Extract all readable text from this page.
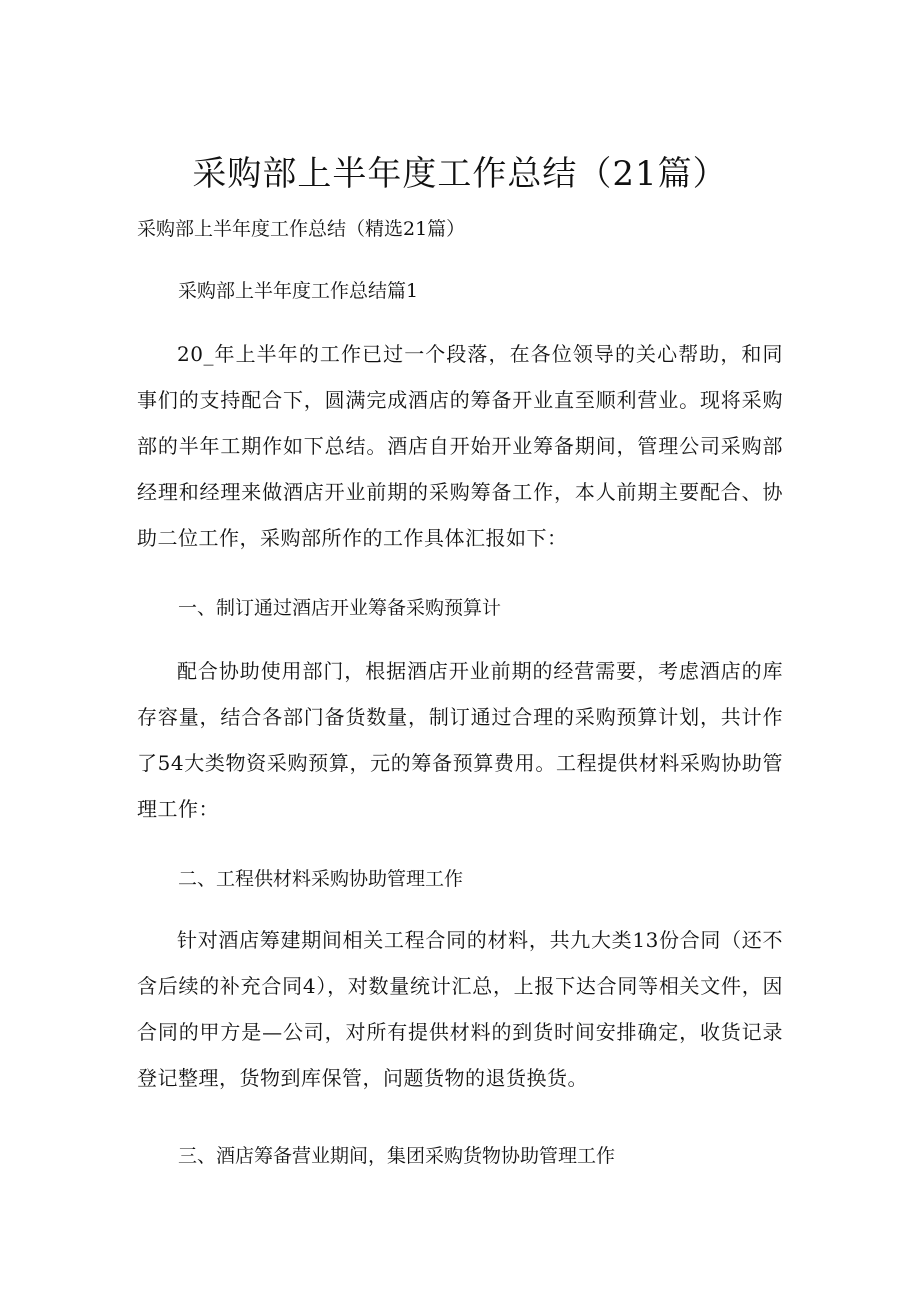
采购部上半年度工作总结（21篇）
采购部上半年度工作总结（精选21篇）
采购部上半年度工作总结篇1
20_年上半年的工作已过一个段落，在各位领导的关心帮助，和同事们的支持配合下，圆满完成酒店的筹备开业直至顺利营业。现将采购部的半年工期作如下总结。酒店自开始开业筹备期间，管理公司采购部经理和经理来做酒店开业前期的采购筹备工作，本人前期主要配合、协助二位工作，采购部所作的工作具体汇报如下：
一、制订通过酒店开业筹备采购预算计
配合协助使用部门，根据酒店开业前期的经营需要，考虑酒店的库存容量，结合各部门备货数量，制订通过合理的采购预算计划，共计作了54大类物资采购预算，元的筹备预算费用。工程提供材料采购协助管理工作：
二、工程供材料采购协助管理工作
针对酒店筹建期间相关工程合同的材料，共九大类13份合同（还不含后续的补充合同4），对数量统计汇总，上报下达合同等相关文件，因合同的甲方是—公司，对所有提供材料的到货时间安排确定，收货记录登记整理，货物到库保管，问题货物的退货换货。
三、酒店筹备营业期间，集团采购货物协助管理工作
